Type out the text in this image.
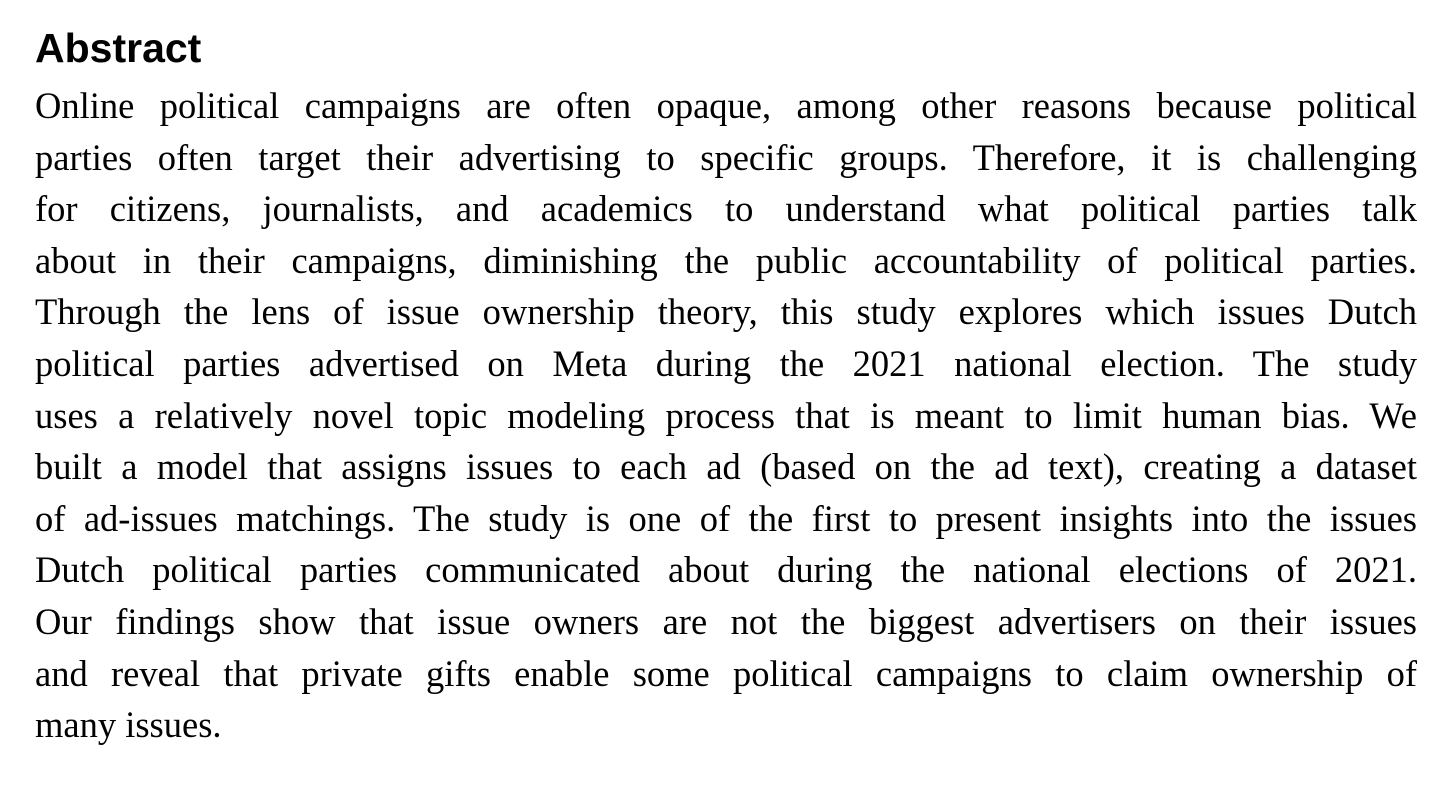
Abstract
Online political campaigns are often opaque, among other reasons because political
parties often target their advertising to specific groups. Therefore, it is challenging
for citizens, journalists, and academics to understand what political parties talk
about in their campaigns, diminishing the public accountability of political parties.
Through the lens of issue ownership theory, this study explores which issues Dutch
political parties advertised on Meta during the 2021 national election. The study
uses a relatively novel topic modeling process that is meant to limit human bias. We
built a model that assigns issues to each ad (based on the ad text), creating a dataset
of ad-issues matchings. The study is one of the first to present insights into the issues
Dutch political parties communicated about during the national elections of 2021.
Our findings show that issue owners are not the biggest advertisers on their issues
and reveal that private gifts enable some political campaigns to claim ownership of
many issues.
